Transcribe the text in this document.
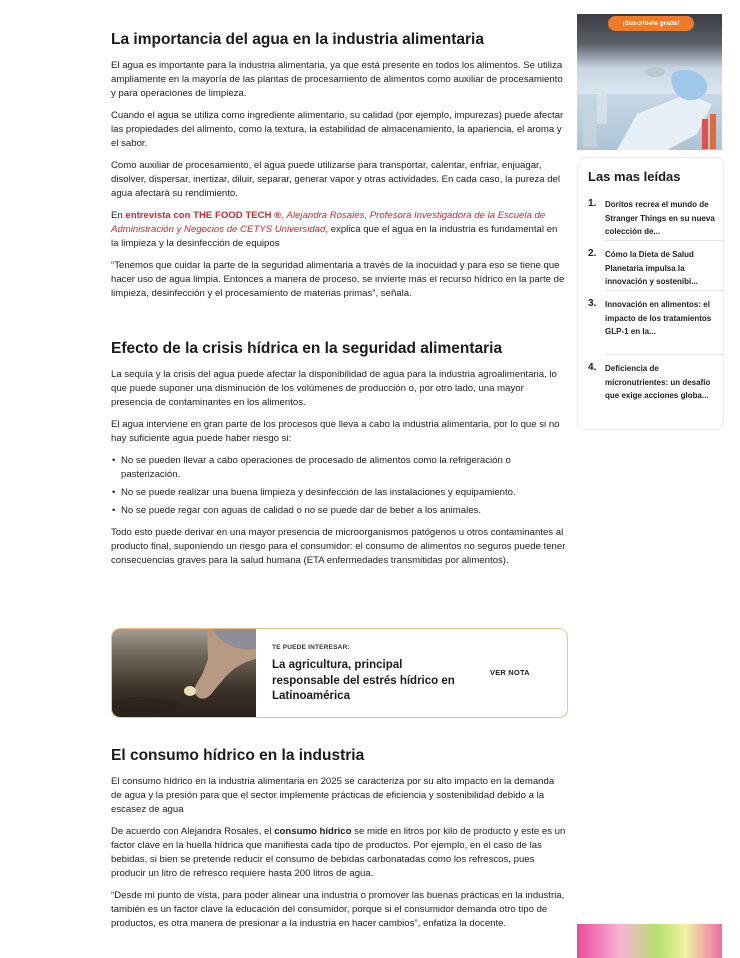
La importancia del agua en la industria alimentaria

El agua es importante para la industria alimentaria, ya que está presente en todos los alimentos. Se utiliza ampliamente en la mayoría de las plantas de procesamiento de alimentos como auxiliar de procesamiento y para operaciones de limpieza.

Cuando el agua se utiliza como ingrediente alimentario, su calidad (por ejemplo, impurezas) puede afectar las propiedades del alimento, como la textura, la estabilidad de almacenamiento, la apariencia, el aroma y el sabor.

Como auxiliar de procesamiento, el agua puede utilizarse para transportar, calentar, enfriar, enjuagar, disolver, dispersar, inertizar, diluir, separar, generar vapor y otras actividades. En cada caso, la pureza del agua afectará su rendimiento.

En entrevista con THE FOOD TECH ®, Alejandra Rosales, Profesora Investigadora de la Escuela de Administración y Negocios de CETYS Universidad, explica que el agua en la industria es fundamental en la limpieza y la desinfección de equipos

“Tenemos que cuidar la parte de la seguridad alimentaria a través de la inocuidad y para eso se tiene que hacer uso de agua limpia. Entonces a manera de proceso, se invierte más el recurso hídrico en la parte de limpieza, desinfección y el procesamiento de materias primas”, señala.

Efecto de la crisis hídrica en la seguridad alimentaria

La sequía y la crisis del agua puede afectar la disponibilidad de agua para la industria agroalimentaria, lo que puede suponer una disminución de los volúmenes de producción o, por otro lado, una mayor presencia de contaminantes en los alimentos.

El agua interviene en gran parte de los procesos que lleva a cabo la industria alimentaria, por lo que si no hay suficiente agua puede haber riesgo si:

• No se pueden llevar a cabo operaciones de procesado de alimentos como la refrigeración o pasterización.
• No se puede realizar una buena limpieza y desinfección de las instalaciones y equipamiento.
• No se puede regar con aguas de calidad o no se puede dar de beber a los animales.

Todo esto puede derivar en una mayor presencia de microorganismos patógenos u otros contaminantes al producto final, suponiendo un riesgo para el consumidor: el consumo de alimentos no seguros puede tener consecuencias graves para la salud humana (ETA enfermedades transmitidas por alimentos).

TE PUEDE INTERESAR:
La agricultura, principal responsable del estrés hídrico en Latinoamérica
VER NOTA
El consumo hídrico en la industria

El consumo hídrico en la industria alimentaria en 2025 se caracteriza por su alto impacto en la demanda de agua y la presión para que el sector implemente prácticas de eficiencia y sostenibilidad debido a la escasez de agua

De acuerdo con Alejandra Rosales, el consumo hídrico se mide en litros por kilo de producto y este es un factor clave en la huella hídrica que manifiesta cada tipo de productos. Por ejemplo, en el caso de las bebidas, si bien se pretende reducir el consumo de bebidas carbonatadas como los refrescos, pues producir un litro de refresco requiere hasta 200 litros de agua.

“Desde mi punto de vista, para poder alinear una industria o promover las buenas prácticas en la industria, también es un factor clave la educación del consumidor, porque si el consumidor demanda otro tipo de productos, es otra manera de presionar a la industria en hacer cambios”, enfatiza la docente.

¡Suscríbete gratis!
Las mas leídas
1. Doritos recrea el mundo de Stranger Things en su nueva colección de...
2. Cómo la Dieta de Salud Planetaria impulsa la innovación y sostenibi...
3. Innovación en alimentos: el impacto de los tratamientos GLP-1 en la...
4. Deficiencia de micronutrientes: un desafío que exige acciones globa...
